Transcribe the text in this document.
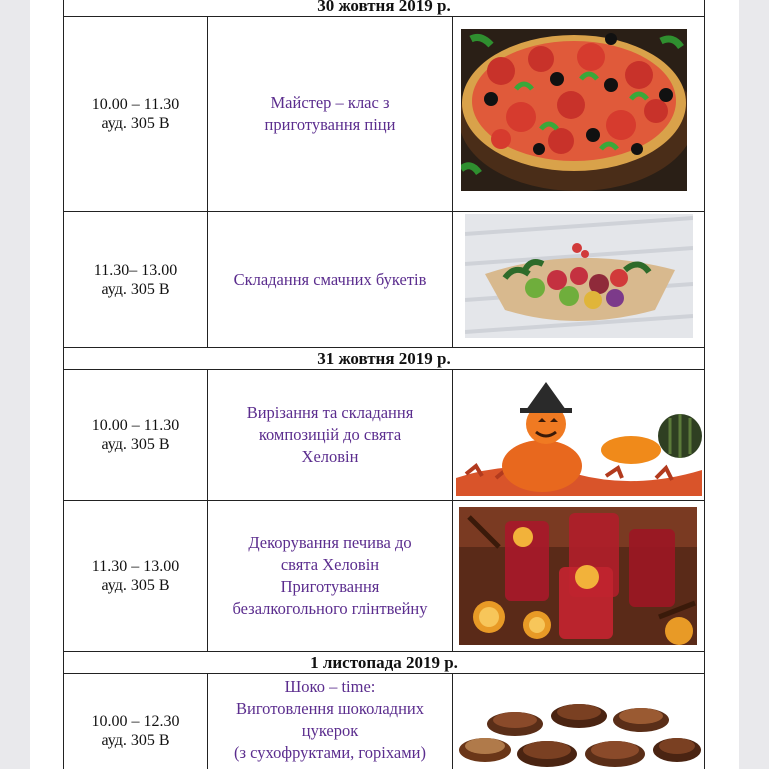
30 жовтня 2019 р.
10.00 – 11.30
ауд. 305 В
Майстер – клас з
приготування піци
11.30– 13.00
ауд. 305 В
Складання смачних букетів
31 жовтня 2019 р.
10.00 – 11.30
ауд. 305 В
Вирізання та складання
композицій до свята
Хеловін
11.30 – 13.00
ауд. 305 В
Декорування печива до
свята Хеловін
Приготування
безалкогольного глінтвейну
1 листопада 2019 р.
10.00 – 12.30
ауд. 305 В
Шоко – time:
Виготовлення шоколадних
цукерок
(з сухофруктами, горіхами)
